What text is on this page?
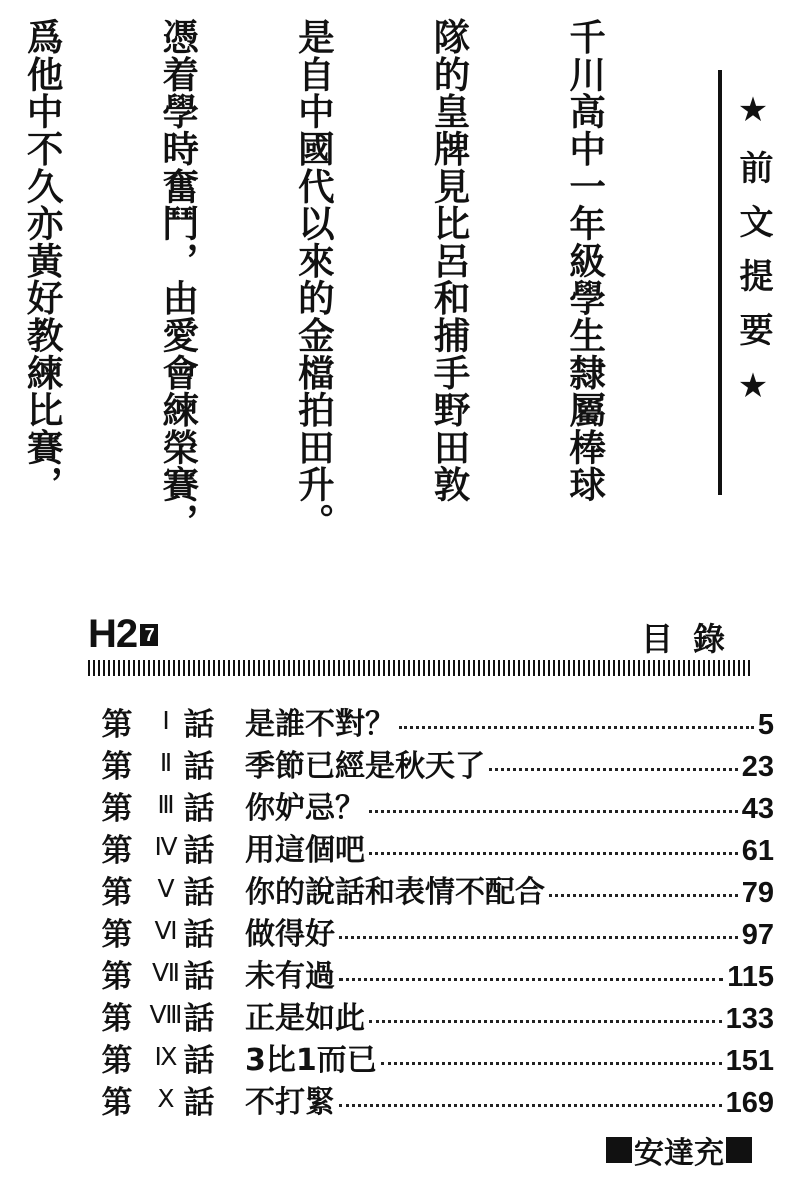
千川高中一年級學生隸屬棒球

隊的皇牌見比呂和捕手野田敦

是自中國代以來的金檔拍田升。

憑着學時奮鬥，由愛會練榮賽，

爲他中不久亦黃好教練比賽，

	★前文提要★
H2 7	目錄
第	Ⅰ 話 是誰不對？	5
第	Ⅱ 話 季節已經是秋天了	23
第 Ⅲ 話 你妒忌？	43
第 Ⅳ 話 用這個吧	61
第 Ⅴ 話 你的說話和表情不配合	79
第 Ⅵ 話 做得好	97
第 Ⅶ 話 未有過	115
第 Ⅷ 話 正是如此	133
第 Ⅸ 話 3比1而已	151
第 Ⅹ 話 不打緊	169
安達充
